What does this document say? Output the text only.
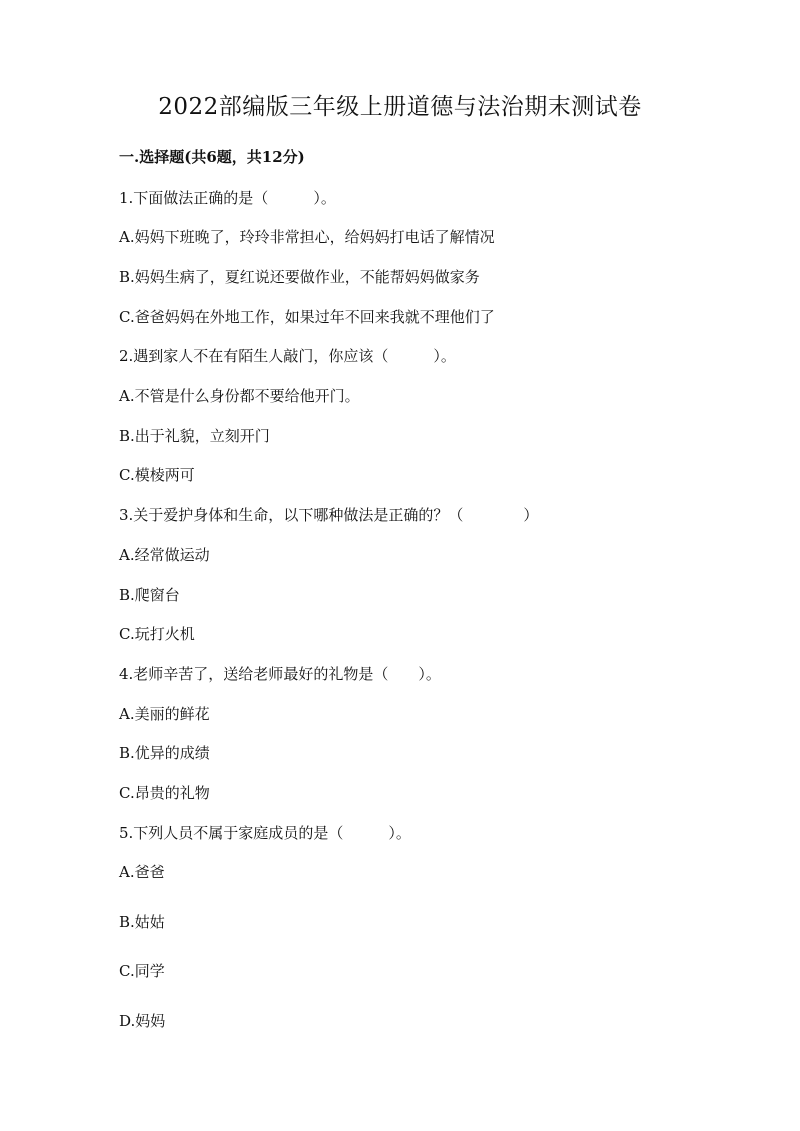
2022部编版三年级上册道德与法治期末测试卷
一.选择题(共6题，共12分)
1.下面做法正确的是（　　　）。
A.妈妈下班晚了，玲玲非常担心，给妈妈打电话了解情况
B.妈妈生病了，夏红说还要做作业，不能帮妈妈做家务
C.爸爸妈妈在外地工作，如果过年不回来我就不理他们了
2.遇到家人不在有陌生人敲门，你应该（　　　）。
A.不管是什么身份都不要给他开门。
B.出于礼貌，立刻开门
C.模棱两可
3.关于爱护身体和生命，以下哪种做法是正确的？（　　　　）
A.经常做运动
B.爬窗台
C.玩打火机
4.老师辛苦了，送给老师最好的礼物是（　　）。
A.美丽的鲜花
B.优异的成绩
C.昂贵的礼物
5.下列人员不属于家庭成员的是（　　　）。
A.爸爸
B.姑姑
C.同学
D.妈妈
